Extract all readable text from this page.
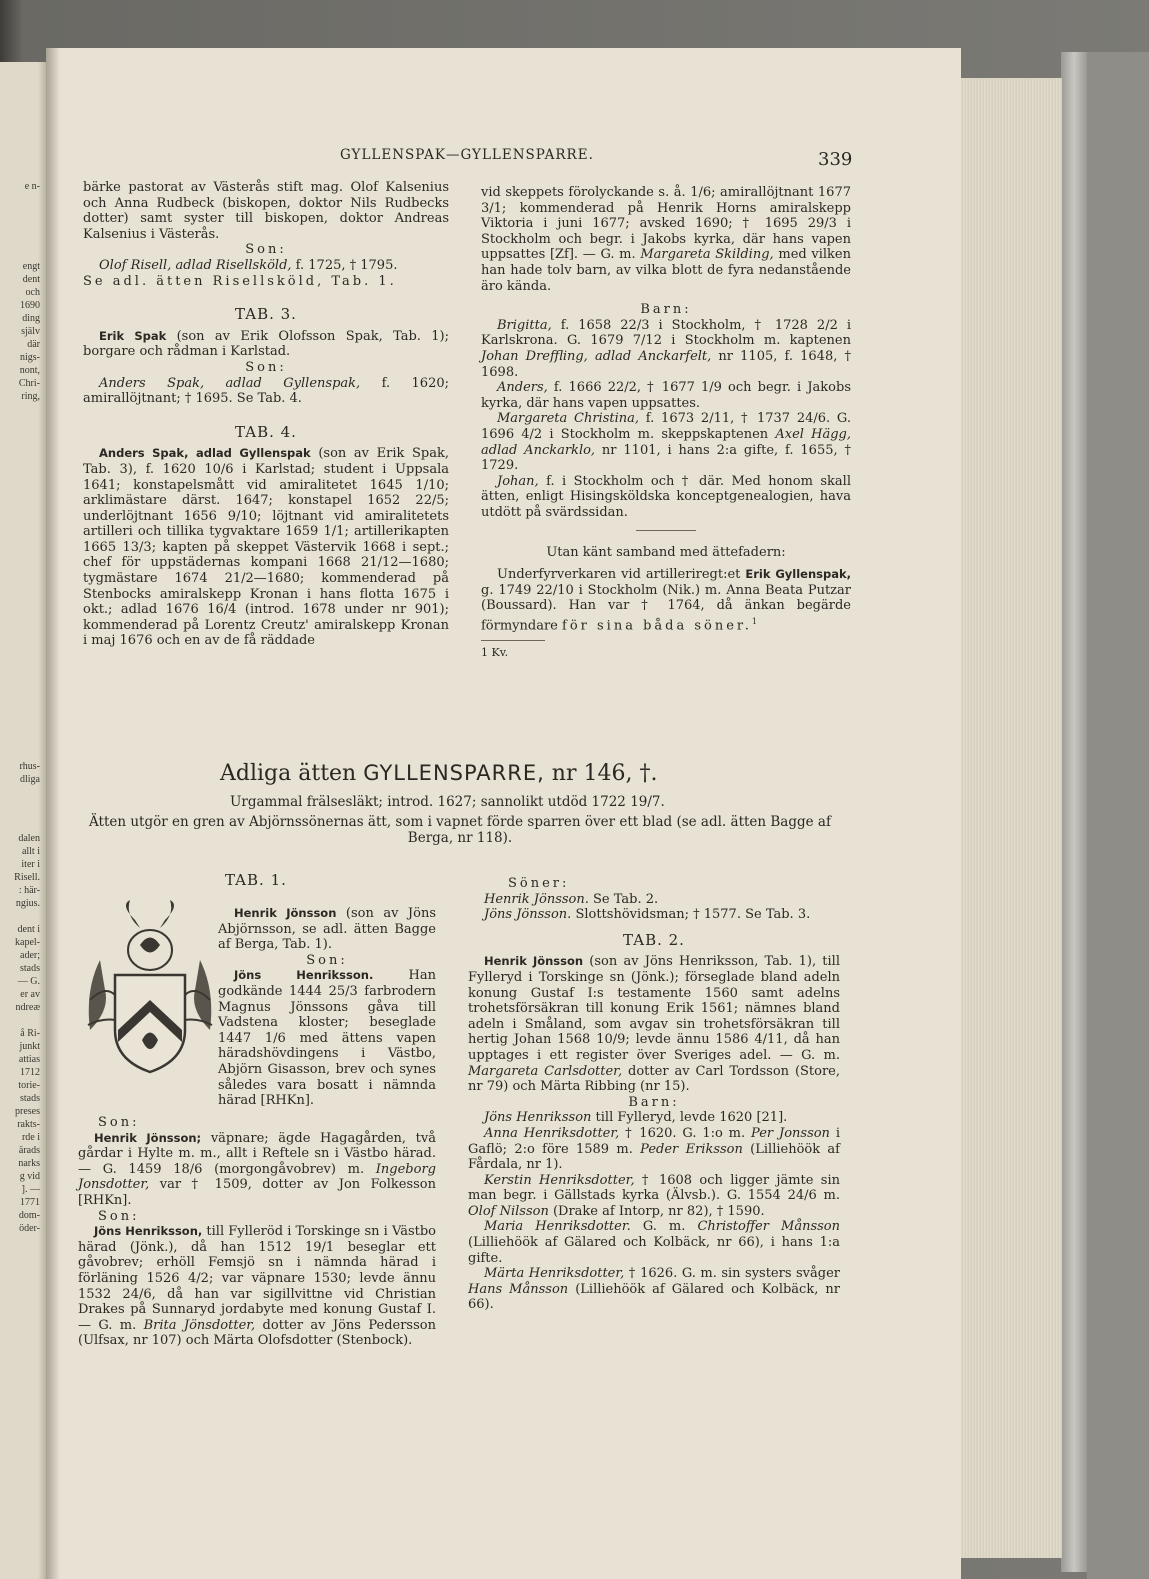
e n-
engt
dent
och
1690
ding
själv
där
nigs-
nont,
Chri-
ring,
rhus-
dliga
dalen
allt i
iter i
Risell.
: här-
ngius.
dent i
kapel-
ader;
stads
— G.
er av
ndreæ
å Ri-
junkt
attias
1712
torie-
stads
preses
rakts-
rde i
ärads
narks
g vid
]. —
1771
dom-
öder-
GYLLENSPAK—GYLLENSPARRE.	339

bärke pastorat av Västerås stift mag. Olof Kalsenius och Anna Rudbeck (biskopen, doktor Nils Rudbecks dotter) samt syster till biskopen, doktor Andreas Kalsenius i Västerås.

Son:

Olof Risell, adlad Risellsköld, f. 1725, † 1795.

Se adl. ätten Risellsköld, Tab. 1.

TAB. 3.

Erik Spak (son av Erik Olofsson Spak, Tab. 1); borgare och rådman i Karlstad.

Son:

Anders Spak, adlad Gyllenspak, f. 1620; amirallöjtnant; † 1695. Se Tab. 4.

TAB. 4.

Anders Spak, adlad Gyllenspak (son av Erik Spak, Tab. 3), f. 1620 10/6 i Karlstad; student i Uppsala 1641; konstapelsmått vid amiralitetet 1645 1/10; arklimästare därst. 1647; konstapel 1652 22/5; underlöjtnant 1656 9/10; löjtnant vid amiralitetets artilleri och tillika tygvaktare 1659 1/1; artillerikapten 1665 13/3; kapten på skeppet Västervik 1668 i sept.; chef för uppstädernas kompani 1668 21/12—1680; tygmästare 1674 21/2—1680; kommenderad på Stenbocks amiralskepp Kronan i hans flotta 1675 i okt.; adlad 1676 16/4 (introd. 1678 under nr 901); kommenderad på Lorentz Creutz' amiralskepp Kronan i maj 1676 och en av de få räddade

vid skeppets förolyckande s. å. 1/6; amirallöjtnant 1677 3/1; kommenderad på Henrik Horns amiralskepp Viktoria i juni 1677; avsked 1690; † 1695 29/3 i Stockholm och begr. i Jakobs kyrka, där hans vapen uppsattes [Zf]. — G. m. Margareta Skilding, med vilken han hade tolv barn, av vilka blott de fyra nedanstående äro kända.

Barn:

Brigitta, f. 1658 22/3 i Stockholm, † 1728 2/2 i Karlskrona. G. 1679 7/12 i Stockholm m. kaptenen Johan Dreffling, adlad Anckarfelt, nr 1105, f. 1648, † 1698.

Anders, f. 1666 22/2, † 1677 1/9 och begr. i Jakobs kyrka, där hans vapen uppsattes.

Margareta Christina, f. 1673 2/11, † 1737 24/6. G. 1696 4/2 i Stockholm m. skeppskaptenen Axel Hägg, adlad Anckarklo, nr 1101, i hans 2:a gifte, f. 1655, † 1729.

Johan, f. i Stockholm och † där. Med honom skall ätten, enligt Hisingsköldska konceptgenealogien, hava utdött på svärdssidan.

Utan känt samband med ättefadern:

Underfyrverkaren vid artilleriregt:et Erik Gyllenspak, g. 1749 22/10 i Stockholm (Nik.) m. Anna Beata Putzar (Boussard). Han var † 1764, då änkan begärde förmyndare för sina båda söner.$^1$

1 Kv.

Adliga ätten GYLLENSPARRE, nr 146, †.
Urgammal frälsesläkt; introd. 1627; sannolikt utdöd 1722 19/7.
Ätten utgör en gren av Abjörnssönernas ätt, som i vapnet förde sparren över ett blad (se adl. ätten Bagge af Berga, nr 118).
TAB. 1.

Henrik Jönsson (son av Jöns Abjörnsson, se adl. ätten Bagge af Berga, Tab. 1).

Son:

Jöns Henriksson. Han godkände 1444 25/3 farbrodern Magnus Jönssons gåva till Vadstena kloster; beseglade 1447 1/6 med ättens vapen häradshövdingens i Västbo, Abjörn Gisasson, brev och synes således vara bosatt i nämnda härad [RHKn].

Son:

Henrik Jönsson; väpnare; ägde Hagagården, två gårdar i Hylte m. m., allt i Reftele sn i Västbo härad. — G. 1459 18/6 (morgongåvobrev) m. Ingeborg Jonsdotter, var † 1509, dotter av Jon Folkesson [RHKn].

Son:

Jöns Henriksson, till Fylleröd i Torskinge sn i Västbo härad (Jönk.), då han 1512 19/1 beseglar ett gåvobrev; erhöll Femsjö sn i nämnda härad i förläning 1526 4/2; var väpnare 1530; levde ännu 1532 24/6, då han var sigillvittne vid Christian Drakes på Sunnaryd jordabyte med konung Gustaf I. — G. m. Brita Jönsdotter, dotter av Jöns Pedersson (Ulfsax, nr 107) och Märta Olofsdotter (Stenbock).

Söner:

Henrik Jönsson. Se Tab. 2.

Jöns Jönsson. Slottshövidsman; † 1577. Se Tab. 3.

TAB. 2.

Henrik Jönsson (son av Jöns Henriksson, Tab. 1), till Fylleryd i Torskinge sn (Jönk.); förseglade bland adeln konung Gustaf I:s testamente 1560 samt adelns trohetsförsäkran till konung Erik 1561; nämnes bland adeln i Småland, som avgav sin trohetsförsäkran till hertig Johan 1568 10/9; levde ännu 1586 4/11, då han upptages i ett register över Sveriges adel. — G. m. Margareta Carlsdotter, dotter av Carl Tordsson (Store, nr 79) och Märta Ribbing (nr 15).

Barn:

Jöns Henriksson till Fylleryd, levde 1620 [21].

Anna Henriksdotter, † 1620. G. 1:o m. Per Jonsson i Gaflö; 2:o före 1589 m. Peder Eriksson (Lilliehöök af Fårdala, nr 1).

Kerstin Henriksdotter, † 1608 och ligger jämte sin man begr. i Gällstads kyrka (Älvsb.). G. 1554 24/6 m. Olof Nilsson (Drake af Intorp, nr 82), † 1590.

Maria Henriksdotter. G. m. Christoffer Månsson (Lilliehöök af Gälared och Kolbäck, nr 66), i hans 1:a gifte.

Märta Henriksdotter, † 1626. G. m. sin systers svåger Hans Månsson (Lilliehöök af Gälared och Kolbäck, nr 66).
